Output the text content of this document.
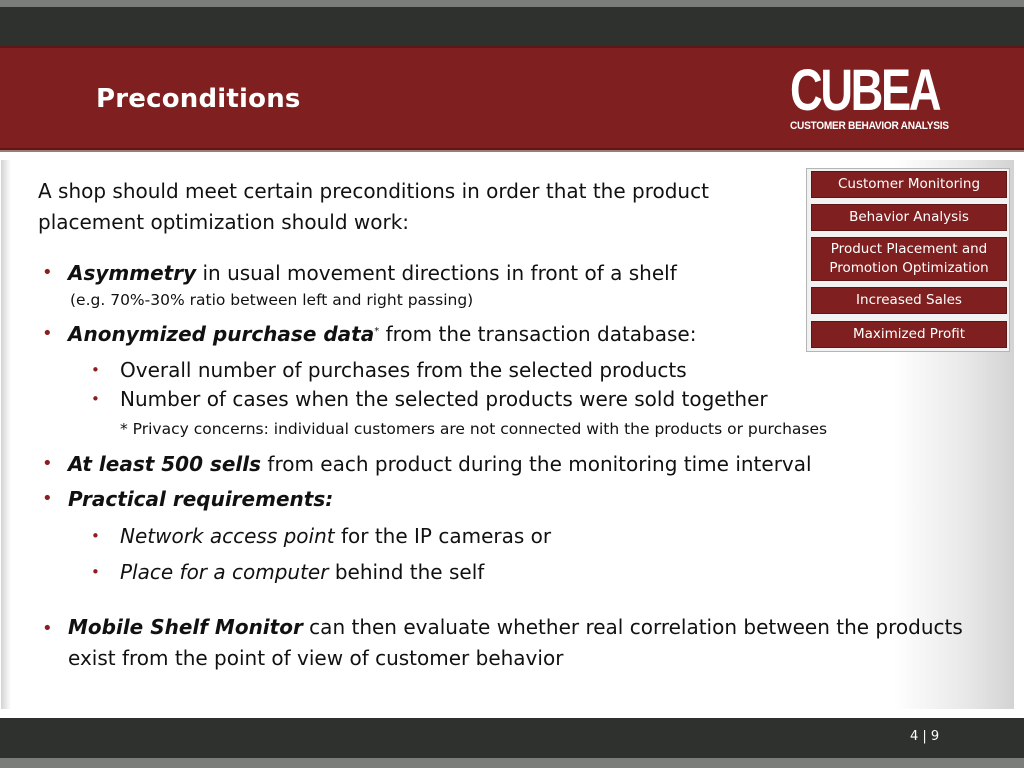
Preconditions	CUBEA
CUSTOMER BEHAVIOR ANALYSIS

A shop should meet certain preconditions in order that the product placement optimization should work:

• Asymmetry in usual movement directions in front of a shelf
(e.g. 70%-30% ratio between left and right passing)
• Anonymized purchase data* from the transaction database:
• Overall number of purchases from the selected products
• Number of cases when the selected products were sold together
* Privacy concerns: individual customers are not connected with the products or purchases
• At least 500 sells from each product during the monitoring time interval
• Practical requirements:
• Network access point for the IP cameras or
• Place for a computer behind the self
• Mobile Shelf Monitor can then evaluate whether real correlation between the products exist from the point of view of customer behavior
Customer Monitoring
Behavior Analysis
Product Placement and Promotion Optimization
Increased Sales
Maximized Profit
4 | 9
